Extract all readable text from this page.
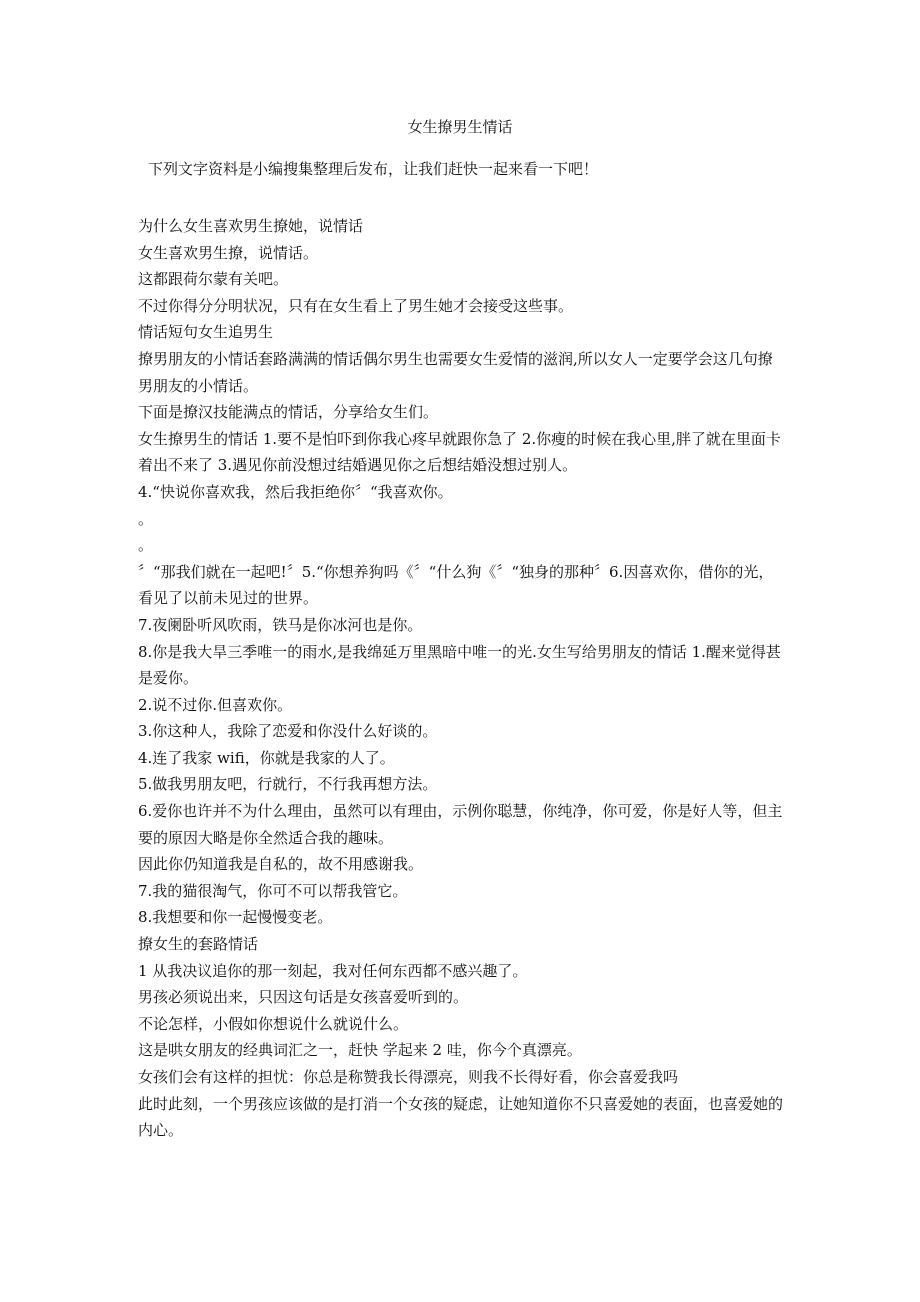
女生撩男生情话
下列文字资料是小编搜集整理后发布，让我们赶快一起来看一下吧！

为什么女生喜欢男生撩她，说情话

女生喜欢男生撩，说情话。

这都跟荷尔蒙有关吧。

不过你得分分明状况，只有在女生看上了男生她才会接受这些事。

情话短句女生追男生

撩男朋友的小情话套路满满的情话偶尔男生也需要女生爱情的滋润,所以女人一定要学会这几句撩男朋友的小情话。

下面是撩汉技能满点的情话，分享给女生们。

女生撩男生的情话 1.要不是怕吓到你我心疼早就跟你急了 2.你瘦的时候在我心里,胖了就在里面卡着出不来了 3.遇见你前没想过结婚遇见你之后想结婚没想过别人。

4.“快说你喜欢我，然后我拒绝你〞“我喜欢你。

。

。

〞“那我们就在一起吧!〞5.“你想养狗吗《〞“什么狗《〞“独身的那种〞6.因喜欢你，借你的光，看见了以前未见过的世界。

7.夜阑卧听风吹雨，铁马是你冰河也是你。

8.你是我大旱三季唯一的雨水,是我绵延万里黑暗中唯一的光.女生写给男朋友的情话 1.醒来觉得甚是爱你。

2.说不过你.但喜欢你。

3.你这种人，我除了恋爱和你没什么好谈的。

4.连了我家 wifi，你就是我家的人了。

5.做我男朋友吧，行就行，不行我再想方法。

6.爱你也许并不为什么理由，虽然可以有理由，示例你聪慧，你纯净，你可爱，你是好人等，但主要的原因大略是你全然适合我的趣味。

因此你仍知道我是自私的，故不用感谢我。

7.我的猫很淘气，你可不可以帮我管它。

8.我想要和你一起慢慢变老。

撩女生的套路情话

1 从我决议追你的那一刻起，我对任何东西都不感兴趣了。

男孩必须说出来，只因这句话是女孩喜爱听到的。

不论怎样，小假如你想说什么就说什么。

这是哄女朋友的经典词汇之一，赶快 学起来 2 哇，你今个真漂亮。

女孩们会有这样的担忧：你总是称赞我长得漂亮，则我不长得好看，你会喜爱我吗

此时此刻，一个男孩应该做的是打消一个女孩的疑虑，让她知道你不只喜爱她的表面，也喜爱她的内心。
